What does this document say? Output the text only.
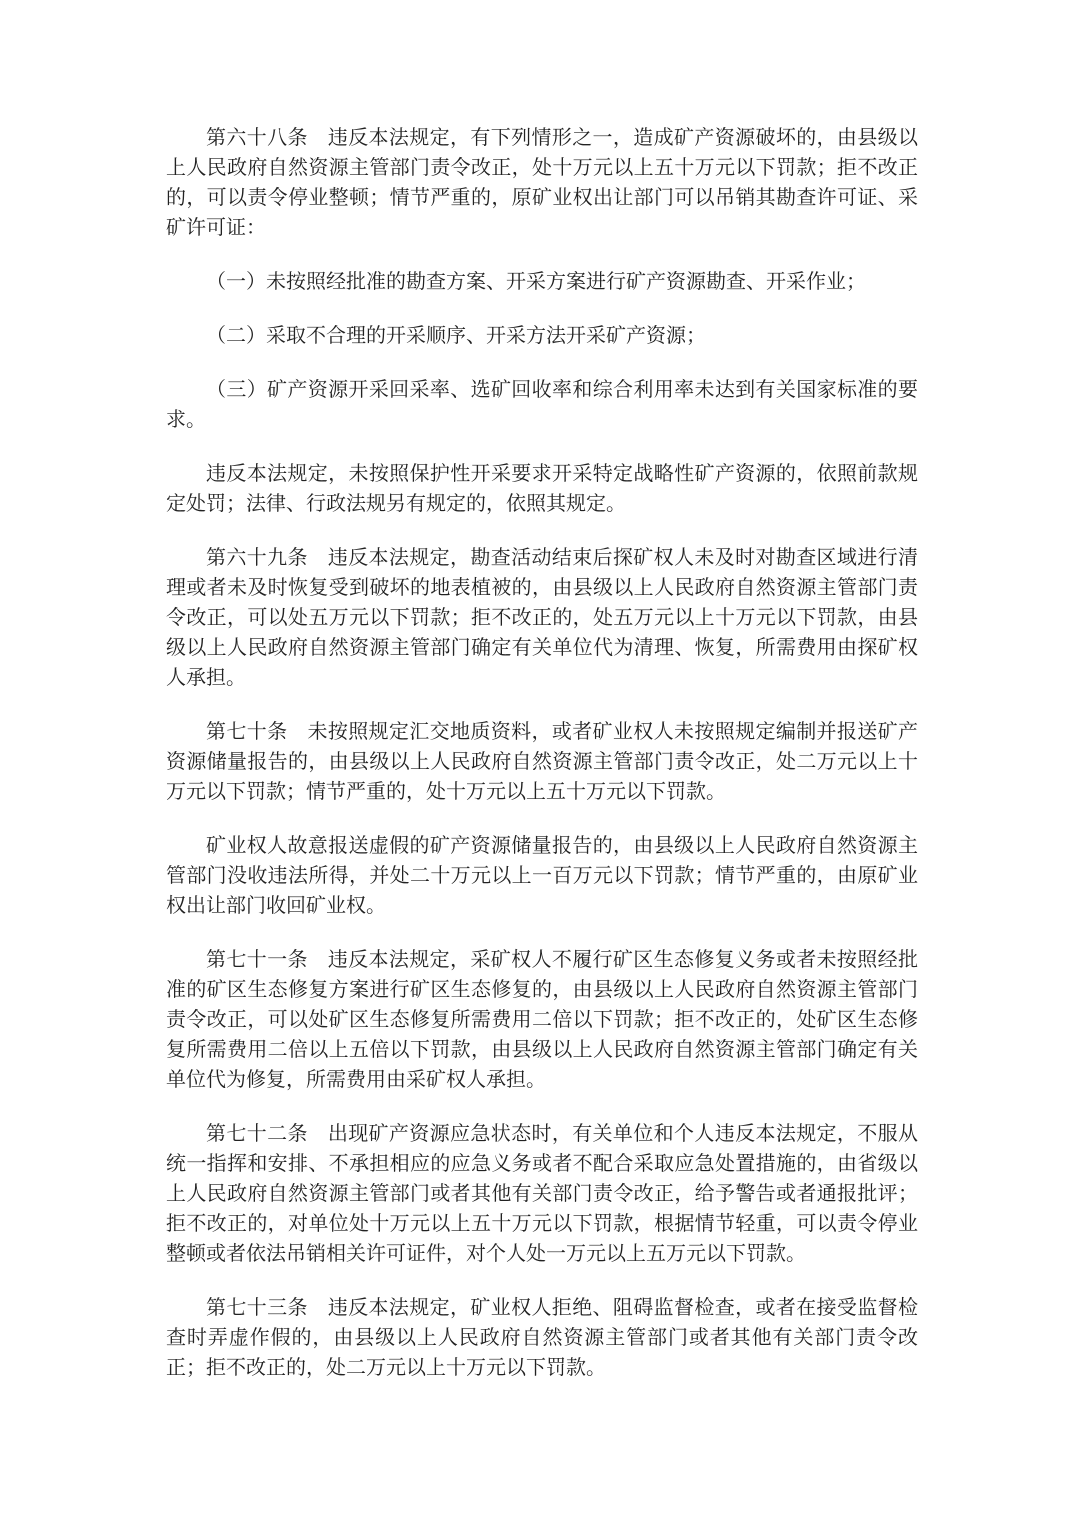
第六十八条 违反本法规定，有下列情形之一，造成矿产资源破坏的，由县级以上人民政府自然资源主管部门责令改正，处十万元以上五十万元以下罚款；拒不改正的，可以责令停业整顿；情节严重的，原矿业权出让部门可以吊销其勘查许可证、采矿许可证：

（一）未按照经批准的勘查方案、开采方案进行矿产资源勘查、开采作业；

（二）采取不合理的开采顺序、开采方法开采矿产资源；

（三）矿产资源开采回采率、选矿回收率和综合利用率未达到有关国家标准的要求。

违反本法规定，未按照保护性开采要求开采特定战略性矿产资源的，依照前款规定处罚；法律、行政法规另有规定的，依照其规定。

第六十九条 违反本法规定，勘查活动结束后探矿权人未及时对勘查区域进行清理或者未及时恢复受到破坏的地表植被的，由县级以上人民政府自然资源主管部门责令改正，可以处五万元以下罚款；拒不改正的，处五万元以上十万元以下罚款，由县级以上人民政府自然资源主管部门确定有关单位代为清理、恢复，所需费用由探矿权人承担。

第七十条 未按照规定汇交地质资料，或者矿业权人未按照规定编制并报送矿产资源储量报告的，由县级以上人民政府自然资源主管部门责令改正，处二万元以上十万元以下罚款；情节严重的，处十万元以上五十万元以下罚款。

矿业权人故意报送虚假的矿产资源储量报告的，由县级以上人民政府自然资源主管部门没收违法所得，并处二十万元以上一百万元以下罚款；情节严重的，由原矿业权出让部门收回矿业权。

第七十一条 违反本法规定，采矿权人不履行矿区生态修复义务或者未按照经批准的矿区生态修复方案进行矿区生态修复的，由县级以上人民政府自然资源主管部门责令改正，可以处矿区生态修复所需费用二倍以下罚款；拒不改正的，处矿区生态修复所需费用二倍以上五倍以下罚款，由县级以上人民政府自然资源主管部门确定有关单位代为修复，所需费用由采矿权人承担。

第七十二条 出现矿产资源应急状态时，有关单位和个人违反本法规定，不服从统一指挥和安排、不承担相应的应急义务或者不配合采取应急处置措施的，由省级以上人民政府自然资源主管部门或者其他有关部门责令改正，给予警告或者通报批评；拒不改正的，对单位处十万元以上五十万元以下罚款，根据情节轻重，可以责令停业整顿或者依法吊销相关许可证件，对个人处一万元以上五万元以下罚款。

第七十三条 违反本法规定，矿业权人拒绝、阻碍监督检查，或者在接受监督检查时弄虚作假的，由县级以上人民政府自然资源主管部门或者其他有关部门责令改正；拒不改正的，处二万元以上十万元以下罚款。
